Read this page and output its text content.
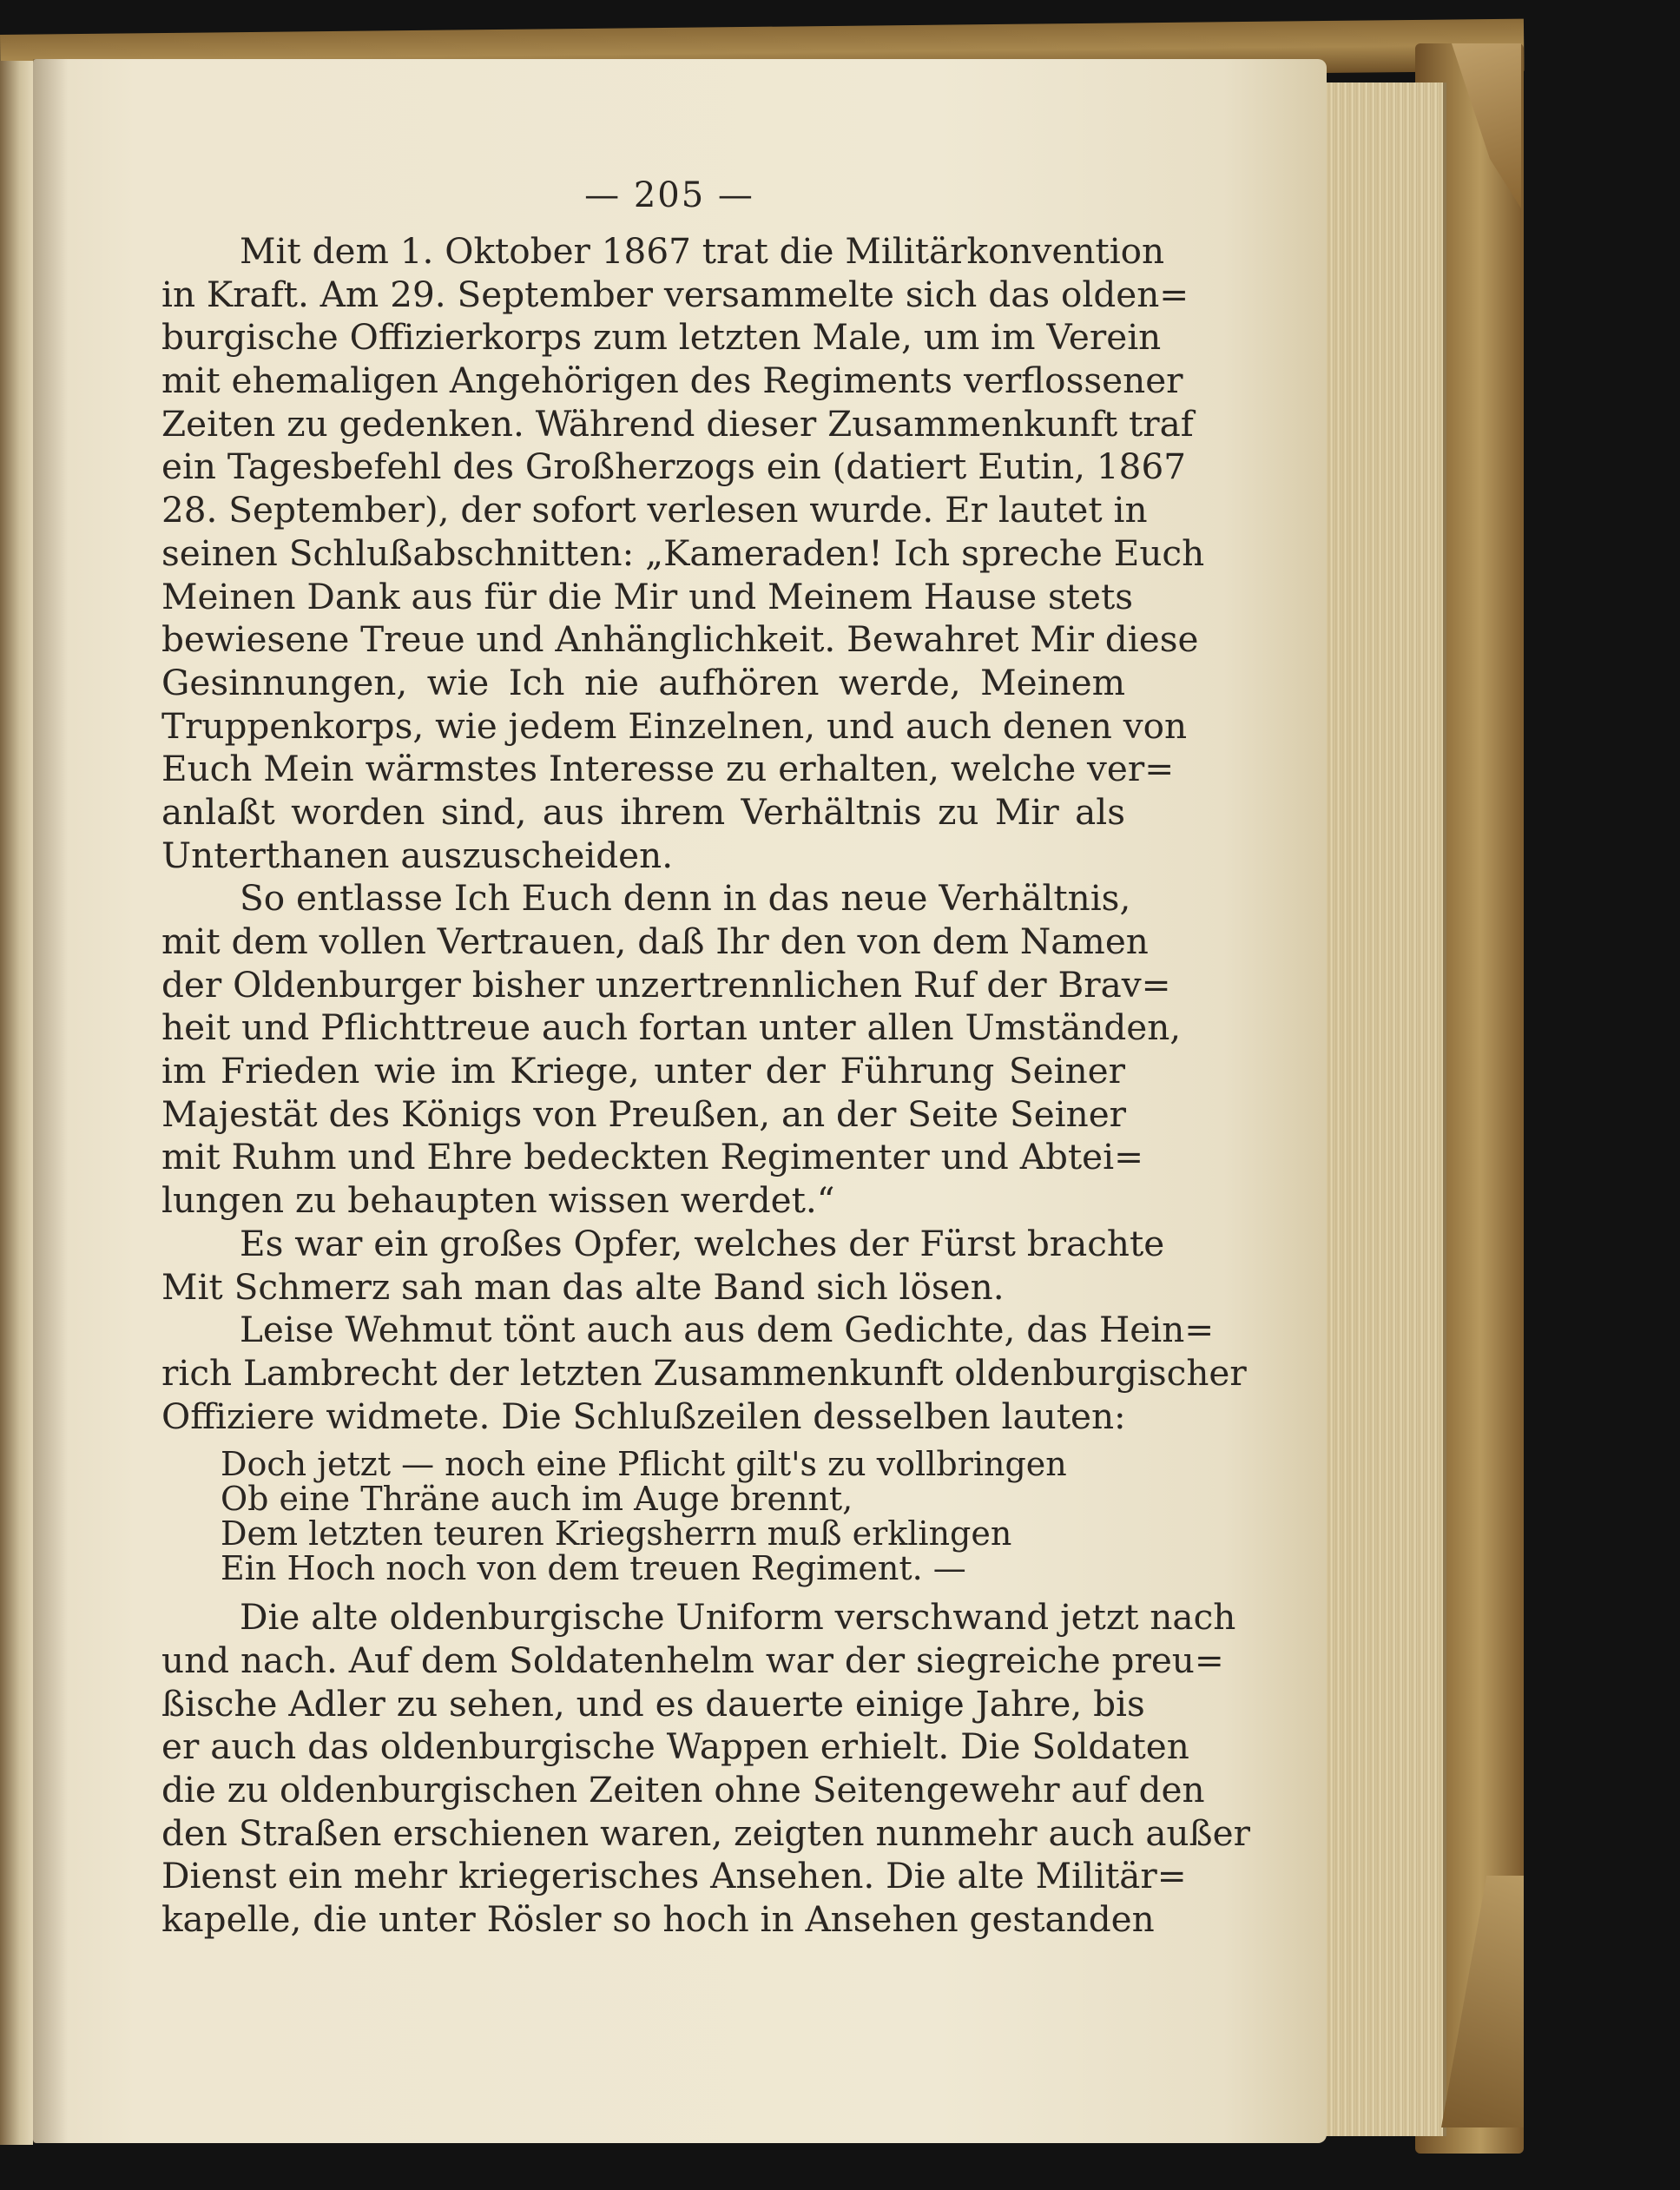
— 205 —
Mit dem 1. Oktober 1867 trat die Militärkonvention
in Kraft. Am 29. September versammelte sich das olden=
burgische Offizierkorps zum letzten Male, um im Verein
mit ehemaligen Angehörigen des Regiments verflossener
Zeiten zu gedenken. Während dieser Zusammenkunft traf
ein Tagesbefehl des Großherzogs ein (datiert Eutin, 1867
28. September), der sofort verlesen wurde. Er lautet in
seinen Schlußabschnitten: „Kameraden! Ich spreche Euch
Meinen Dank aus für die Mir und Meinem Hause stets
bewiesene Treue und Anhänglichkeit. Bewahret Mir diese
Gesinnungen, wie Ich nie aufhören werde, Meinem
Truppenkorps, wie jedem Einzelnen, und auch denen von
Euch Mein wärmstes Interesse zu erhalten, welche ver=
anlaßt worden sind, aus ihrem Verhältnis zu Mir als
Unterthanen auszuscheiden.
So entlasse Ich Euch denn in das neue Verhältnis,
mit dem vollen Vertrauen, daß Ihr den von dem Namen
der Oldenburger bisher unzertrennlichen Ruf der Brav=
heit und Pflichttreue auch fortan unter allen Umständen,
im Frieden wie im Kriege, unter der Führung Seiner
Majestät des Königs von Preußen, an der Seite Seiner
mit Ruhm und Ehre bedeckten Regimenter und Abtei=
lungen zu behaupten wissen werdet.“
Es war ein großes Opfer, welches der Fürst brachte
Mit Schmerz sah man das alte Band sich lösen.
Leise Wehmut tönt auch aus dem Gedichte, das Hein=
rich Lambrecht der letzten Zusammenkunft oldenburgischer
Offiziere widmete. Die Schlußzeilen desselben lauten:
Doch jetzt — noch eine Pflicht gilt's zu vollbringen
Ob eine Thräne auch im Auge brennt,
Dem letzten teuren Kriegsherrn muß erklingen
Ein Hoch noch von dem treuen Regiment. —
Die alte oldenburgische Uniform verschwand jetzt nach
und nach. Auf dem Soldatenhelm war der siegreiche preu=
ßische Adler zu sehen, und es dauerte einige Jahre, bis
er auch das oldenburgische Wappen erhielt. Die Soldaten
die zu oldenburgischen Zeiten ohne Seitengewehr auf den
den Straßen erschienen waren, zeigten nunmehr auch außer
Dienst ein mehr kriegerisches Ansehen. Die alte Militär=
kapelle, die unter Rösler so hoch in Ansehen gestanden
